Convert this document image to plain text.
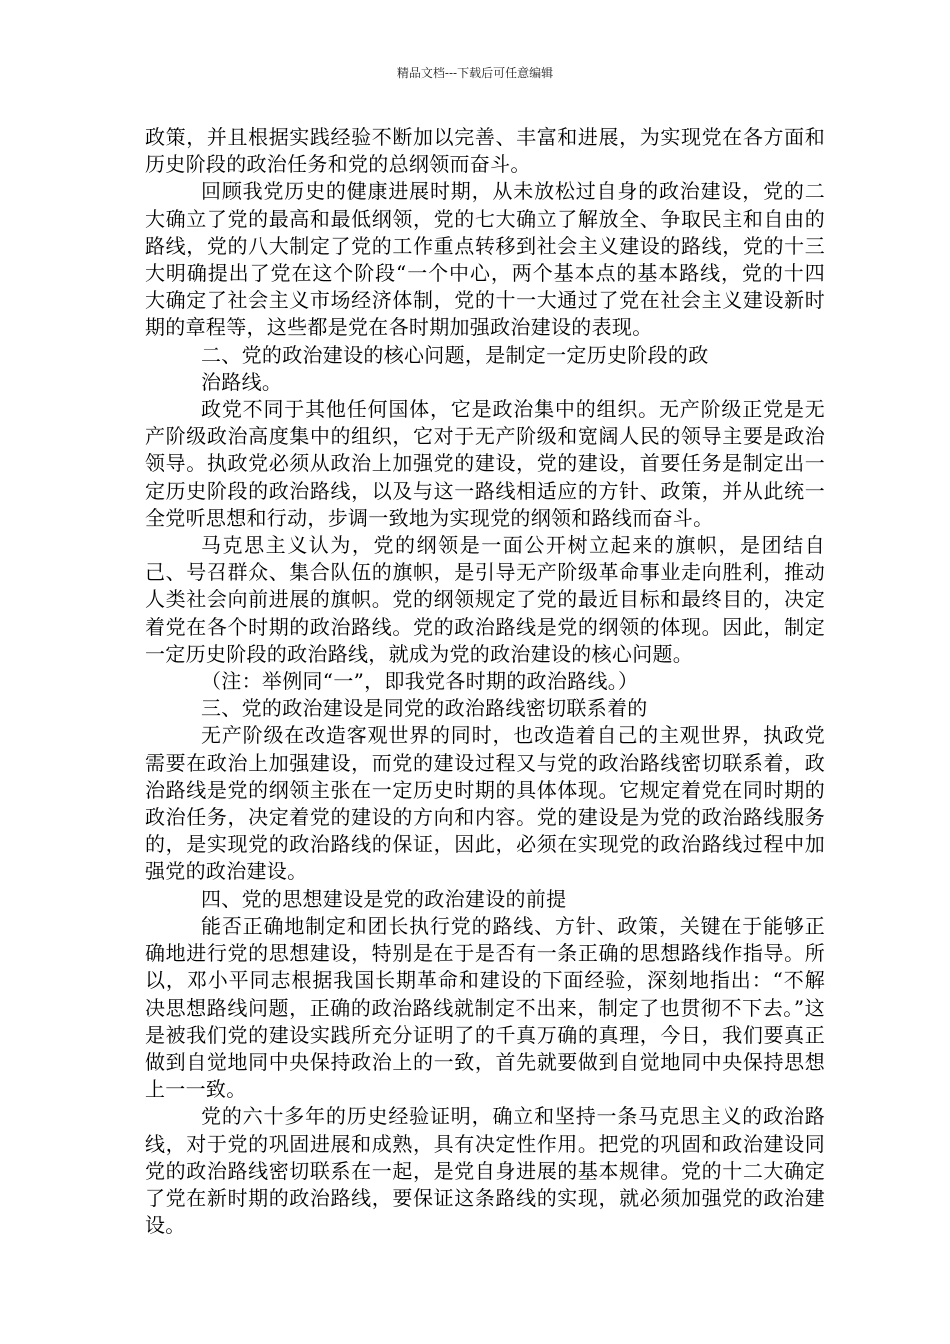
精品文档---下载后可任意编辑

政策，并且根据实践经验不断加以完善、丰富和进展，为实现党在各方面和历史阶段的政治任务和党的总纲领而奋斗。

回顾我党历史的健康进展时期，从未放松过自身的政治建设，党的二大确立了党的最高和最低纲领，党的七大确立了解放全、争取民主和自由的路线，党的八大制定了党的工作重点转移到社会主义建设的路线，党的十三大明确提出了党在这个阶段“一个中心，两个基本点的基本路线，党的十四大确定了社会主义市场经济体制，党的十一大通过了党在社会主义建设新时期的章程等，这些都是党在各时期加强政治建设的表现。

二、党的政治建设的核心问题，是制定一定历史阶段的政

治路线。

政党不同于其他任何国体，它是政治集中的组织。无产阶级正党是无产阶级政治高度集中的组织，它对于无产阶级和宽阔人民的领导主要是政治领导。执政党必须从政治上加强党的建设，党的建设，首要任务是制定出一定历史阶段的政治路线，以及与这一路线相适应的方针、政策，并从此统一全党听思想和行动，步调一致地为实现党的纲领和路线而奋斗。

马克思主义认为，党的纲领是一面公开树立起来的旗帜，是团结自己、号召群众、集合队伍的旗帜，是引导无产阶级革命事业走向胜利，推动人类社会向前进展的旗帜。党的纲领规定了党的最近目标和最终目的，决定着党在各个时期的政治路线。党的政治路线是党的纲领的体现。因此，制定一定历史阶段的政治路线，就成为党的政治建设的核心问题。

（注：举例同“一”，即我党各时期的政治路线。）

三、党的政治建设是同党的政治路线密切联系着的

无产阶级在改造客观世界的同时，也改造着自己的主观世界，执政党需要在政治上加强建设，而党的建设过程又与党的政治路线密切联系着，政治路线是党的纲领主张在一定历史时期的具体体现。它规定着党在同时期的政治任务，决定着党的建设的方向和内容。党的建设是为党的政治路线服务的，是实现党的政治路线的保证，因此，必须在实现党的政治路线过程中加强党的政治建设。

四、党的思想建设是党的政治建设的前提

能否正确地制定和团长执行党的路线、方针、政策，关键在于能够正确地进行党的思想建设，特别是在于是否有一条正确的思想路线作指导。所以，邓小平同志根据我国长期革命和建设的下面经验，深刻地指出：“不解决思想路线问题，正确的政治路线就制定不出来，制定了也贯彻不下去。”这是被我们党的建设实践所充分证明了的千真万确的真理，今日，我们要真正做到自觉地同中央保持政治上的一致，首先就要做到自觉地同中央保持思想上一一致。

党的六十多年的历史经验证明，确立和坚持一条马克思主义的政治路线，对于党的巩固进展和成熟，具有决定性作用。把党的巩固和政治建设同党的政治路线密切联系在一起，是党自身进展的基本规律。党的十二大确定了党在新时期的政治路线，要保证这条路线的实现，就必须加强党的政治建设。
